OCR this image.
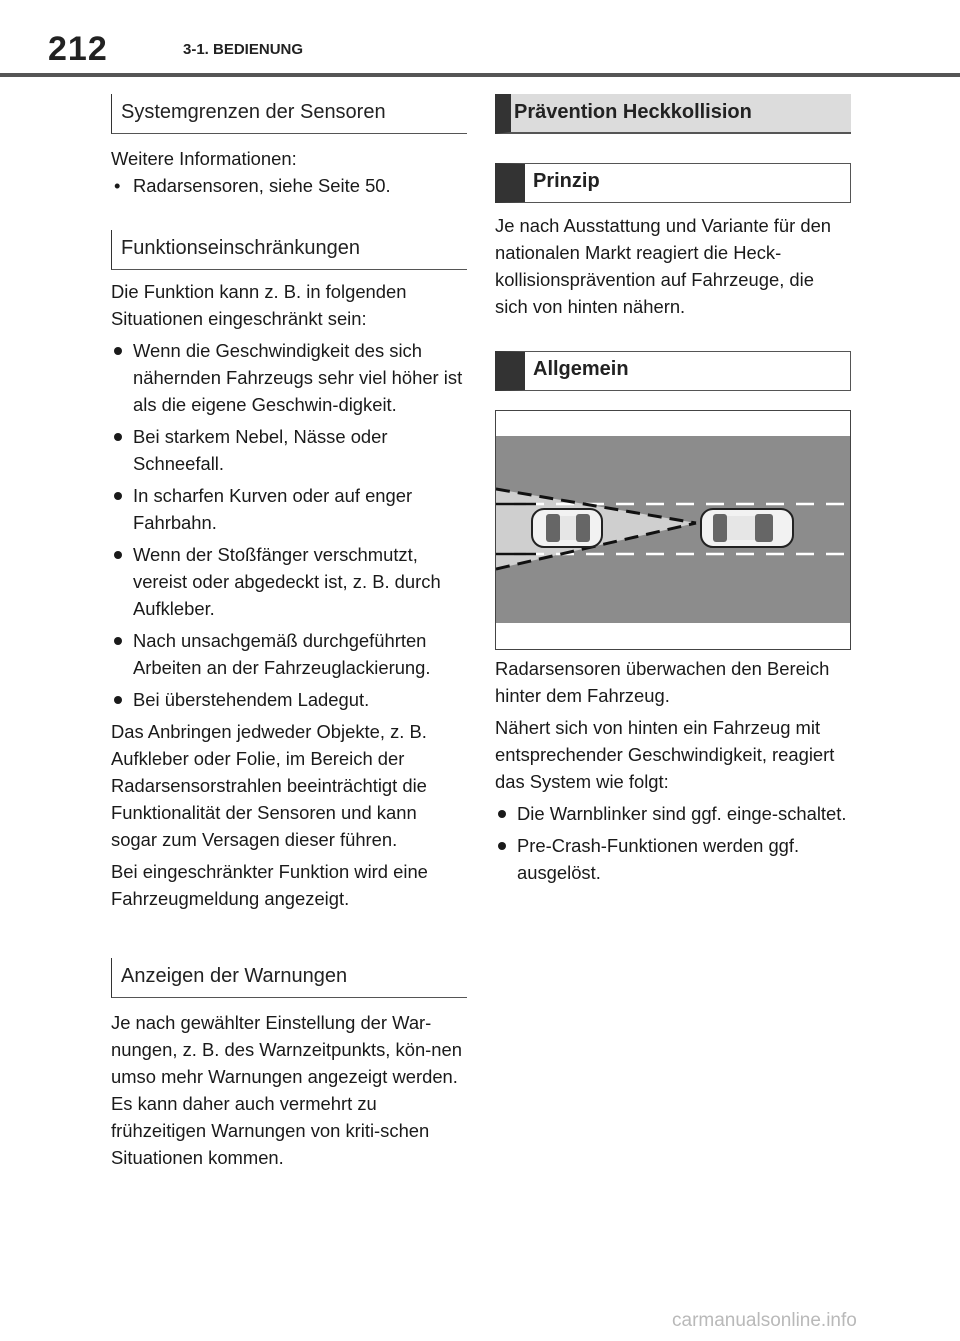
212	3-1. BEDIENUNG
Systemgrenzen der Sensoren

Weitere Informationen:

• Radarsensoren, siehe Seite 50.

Funktionseinschränkungen

Die Funktion kann z. B. in folgenden Situationen eingeschränkt sein:

Wenn die Geschwindigkeit des sich nähernden Fahrzeugs sehr viel höher ist als die eigene Geschwin-digkeit.

Bei starkem Nebel, Nässe oder Schneefall.

In scharfen Kurven oder auf enger Fahrbahn.

Wenn der Stoßfänger verschmutzt, vereist oder abgedeckt ist, z. B. durch Aufkleber.

Nach unsachgemäß durchgeführten Arbeiten an der Fahrzeuglackierung.

Bei überstehendem Ladegut.

Das Anbringen jedweder Objekte, z. B. Aufkleber oder Folie, im Bereich der Radarsensorstrahlen beeinträchtigt die Funktionalität der Sensoren und kann sogar zum Versagen dieser führen.

Bei eingeschränkter Funktion wird eine Fahrzeugmeldung angezeigt.

Anzeigen der Warnungen

Je nach gewählter Einstellung der War-nungen, z. B. des Warnzeitpunkts, kön-nen umso mehr Warnungen angezeigt werden. Es kann daher auch vermehrt zu frühzeitigen Warnungen von kriti-schen Situationen kommen.

Prävention Heckkollision
Prinzip

Je nach Ausstattung und Variante für den nationalen Markt reagiert die Heck-kollisionsprävention auf Fahrzeuge, die sich von hinten nähern.

Allgemein

Radarsensoren überwachen den Bereich hinter dem Fahrzeug.

Nähert sich von hinten ein Fahrzeug mit entsprechender Geschwindigkeit, reagiert das System wie folgt:

Die Warnblinker sind ggf. einge-schaltet.

Pre-Crash-Funktionen werden ggf. ausgelöst.

carmanualsonline.info
